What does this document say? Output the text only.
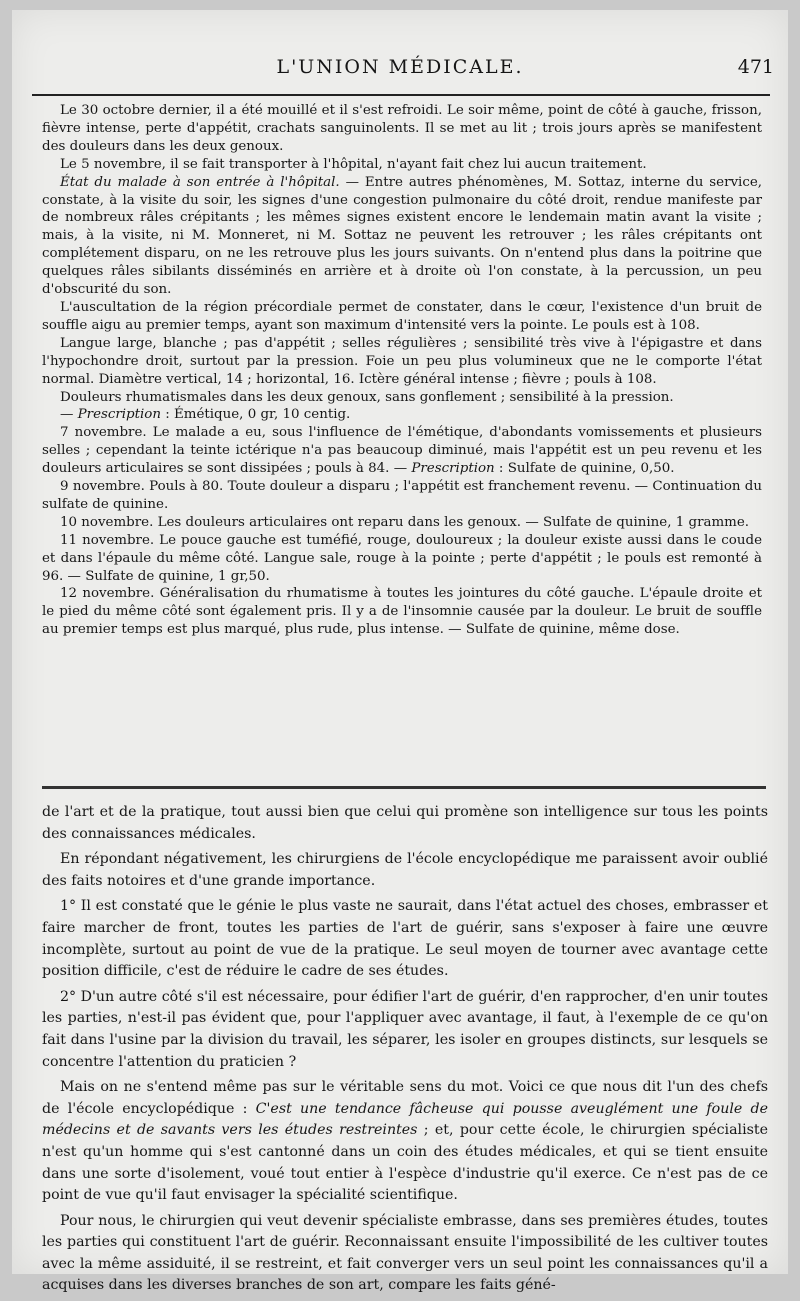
L'UNION MÉDICALE.	471

Le 30 octobre dernier, il a été mouillé et il s'est refroidi. Le soir même, point de côté à gauche, frisson, fièvre intense, perte d'appétit, crachats sanguinolents. Il se met au lit ; trois jours après se manifestent des douleurs dans les deux genoux.

Le 5 novembre, il se fait transporter à l'hôpital, n'ayant fait chez lui aucun traitement.

État du malade à son entrée à l'hôpital. — Entre autres phénomènes, M. Sottaz, interne du service, constate, à la visite du soir, les signes d'une congestion pulmonaire du côté droit, rendue manifeste par de nombreux râles crépitants ; les mêmes signes existent encore le lendemain matin avant la visite ; mais, à la visite, ni M. Monneret, ni M. Sottaz ne peuvent les retrouver ; les râles crépitants ont complétement disparu, on ne les retrouve plus les jours suivants. On n'entend plus dans la poitrine que quelques râles sibilants disséminés en arrière et à droite où l'on constate, à la percussion, un peu d'obscurité du son.

L'auscultation de la région précordiale permet de constater, dans le cœur, l'existence d'un bruit de souffle aigu au premier temps, ayant son maximum d'intensité vers la pointe. Le pouls est à 108.

Langue large, blanche ; pas d'appétit ; selles régulières ; sensibilité très vive à l'épigastre et dans l'hypochondre droit, surtout par la pression. Foie un peu plus volumineux que ne le comporte l'état normal. Diamètre vertical, 14 ; horizontal, 16. Ictère général intense ; fièvre ; pouls à 108.

Douleurs rhumatismales dans les deux genoux, sans gonflement ; sensibilité à la pression.

— Prescription : Émétique, 0 gr, 10 centig.

7 novembre. Le malade a eu, sous l'influence de l'émétique, d'abondants vomissements et plusieurs selles ; cependant la teinte ictérique n'a pas beaucoup diminué, mais l'appétit est un peu revenu et les douleurs articulaires se sont dissipées ; pouls à 84. — Prescription : Sulfate de quinine, 0,50.

9 novembre. Pouls à 80. Toute douleur a disparu ; l'appétit est franchement revenu. — Continuation du sulfate de quinine.

10 novembre. Les douleurs articulaires ont reparu dans les genoux. — Sulfate de quinine, 1 gramme.

11 novembre. Le pouce gauche est tuméfié, rouge, douloureux ; la douleur existe aussi dans le coude et dans l'épaule du même côté. Langue sale, rouge à la pointe ; perte d'appétit ; le pouls est remonté à 96. — Sulfate de quinine, 1 gr,50.

12 novembre. Généralisation du rhumatisme à toutes les jointures du côté gauche. L'épaule droite et le pied du même côté sont également pris. Il y a de l'insomnie causée par la douleur. Le bruit de souffle au premier temps est plus marqué, plus rude, plus intense. — Sulfate de quinine, même dose.

de l'art et de la pratique, tout aussi bien que celui qui promène son intelligence sur tous les points des connaissances médicales.

En répondant négativement, les chirurgiens de l'école encyclopédique me paraissent avoir oublié des faits notoires et d'une grande importance.

1° Il est constaté que le génie le plus vaste ne saurait, dans l'état actuel des choses, embrasser et faire marcher de front, toutes les parties de l'art de guérir, sans s'exposer à faire une œuvre incomplète, surtout au point de vue de la pratique. Le seul moyen de tourner avec avantage cette position difficile, c'est de réduire le cadre de ses études.

2° D'un autre côté s'il est nécessaire, pour édifier l'art de guérir, d'en rapprocher, d'en unir toutes les parties, n'est-il pas évident que, pour l'appliquer avec avantage, il faut, à l'exemple de ce qu'on fait dans l'usine par la division du travail, les séparer, les isoler en groupes distincts, sur lesquels se concentre l'attention du praticien ?

Mais on ne s'entend même pas sur le véritable sens du mot. Voici ce que nous dit l'un des chefs de l'école encyclopédique : C'est une tendance fâcheuse qui pousse aveuglément une foule de médecins et de savants vers les études restreintes ; et, pour cette école, le chirurgien spécialiste n'est qu'un homme qui s'est cantonné dans un coin des études médicales, et qui se tient ensuite dans une sorte d'isolement, voué tout entier à l'espèce d'industrie qu'il exerce. Ce n'est pas de ce point de vue qu'il faut envisager la spécialité scientifique.

Pour nous, le chirurgien qui veut devenir spécialiste embrasse, dans ses premières études, toutes les parties qui constituent l'art de guérir. Reconnaissant ensuite l'impossibilité de les cultiver toutes avec la même assiduité, il se restreint, et fait converger vers un seul point les connaissances qu'il a acquises dans les diverses branches de son art, compare les faits géné-
